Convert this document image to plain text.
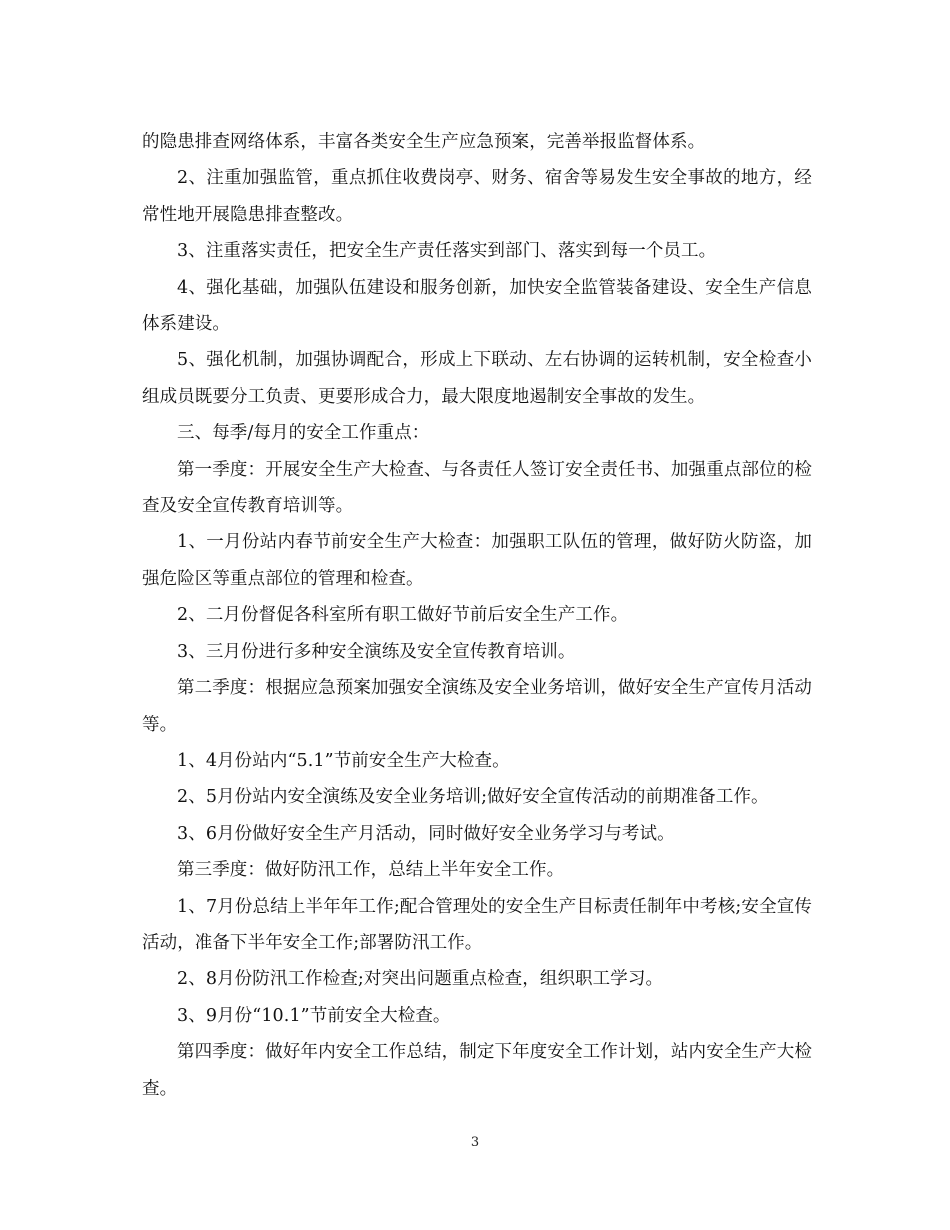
的隐患排查网络体系，丰富各类安全生产应急预案，完善举报监督体系。

2、注重加强监管，重点抓住收费岗亭、财务、宿舍等易发生安全事故的地方，经常性地开展隐患排查整改。

3、注重落实责任，把安全生产责任落实到部门、落实到每一个员工。

4、强化基础，加强队伍建设和服务创新，加快安全监管装备建设、安全生产信息体系建设。

5、强化机制，加强协调配合，形成上下联动、左右协调的运转机制，安全检查小组成员既要分工负责、更要形成合力，最大限度地遏制安全事故的发生。

三、每季/每月的安全工作重点：

第一季度：开展安全生产大检查、与各责任人签订安全责任书、加强重点部位的检查及安全宣传教育培训等。

1、一月份站内春节前安全生产大检查：加强职工队伍的管理，做好防火防盗，加强危险区等重点部位的管理和检查。

2、二月份督促各科室所有职工做好节前后安全生产工作。

3、三月份进行多种安全演练及安全宣传教育培训。

第二季度：根据应急预案加强安全演练及安全业务培训，做好安全生产宣传月活动等。

1、4月份站内“5.1”节前安全生产大检查。

2、5月份站内安全演练及安全业务培训;做好安全宣传活动的前期准备工作。

3、6月份做好安全生产月活动，同时做好安全业务学习与考试。

第三季度：做好防汛工作，总结上半年安全工作。

1、7月份总结上半年年工作;配合管理处的安全生产目标责任制年中考核;安全宣传活动，准备下半年安全工作;部署防汛工作。

2、8月份防汛工作检查;对突出问题重点检查，组织职工学习。

3、9月份“10.1”节前安全大检查。

第四季度：做好年内安全工作总结，制定下年度安全工作计划，站内安全生产大检查。

3
